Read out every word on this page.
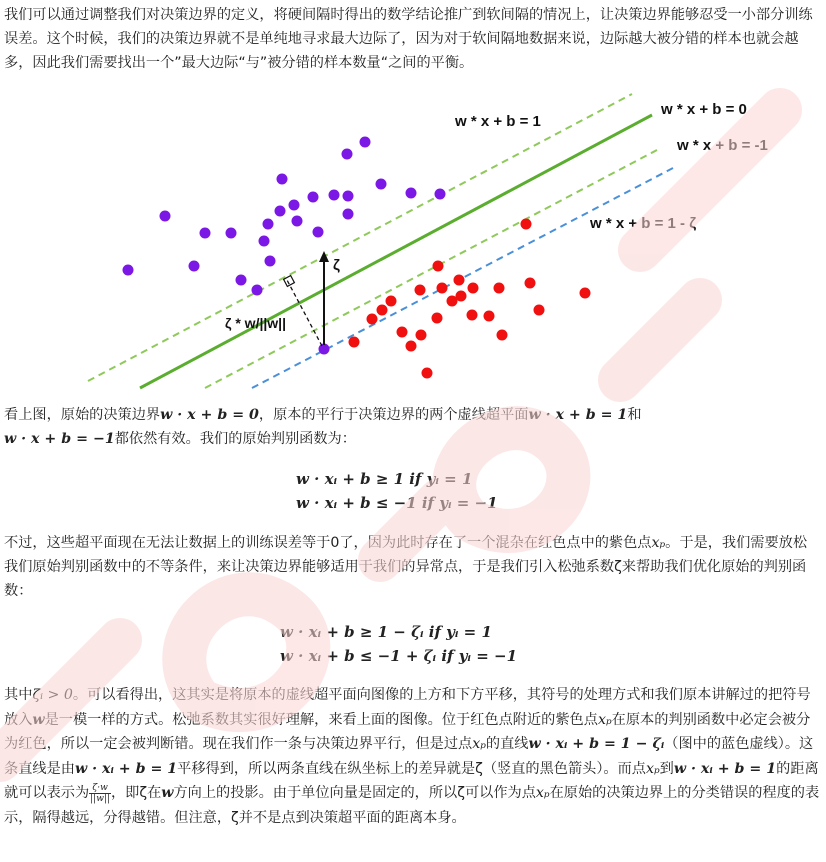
我们可以通过调整我们对决策边界的定义，将硬间隔时得出的数学结论推广到软间隔的情况上，让决策边界能够忍受一小部分训练误差。这个时候，我们的决策边界就不是单纯地寻求最大边际了，因为对于软间隔地数据来说，边际越大被分错的样本也就会越多，因此我们需要找出一个”最大边际“与”被分错的样本数量“之间的平衡。
w * x + b = 1
w * x + b = 0
w * x + b = -1
w * x + b = 1 - ζ
ζ
ζ * w/||w||
看上图，原始的决策边界w · x + b = 0，原本的平行于决策边界的两个虚线超平面w · x + b = 1和
w · x + b = −1都依然有效。我们的原始判别函数为：
w · xᵢ + b ≥ 1 if yᵢ = 1
w · xᵢ + b ≤ −1 if yᵢ = −1
不过，这些超平面现在无法让数据上的训练误差等于0了，因为此时存在了一个混杂在红色点中的紫色点xₚ。于是，我们需要放松我们原始判别函数中的不等条件，来让决策边界能够适用于我们的异常点，于是我们引入松弛系数ζ来帮助我们优化原始的判别函数：
w · xᵢ + b ≥ 1 − ζᵢ if yᵢ = 1
w · xᵢ + b ≤ −1 + ζᵢ if yᵢ = −1
其中ζᵢ > 0。可以看得出，这其实是将原本的虚线超平面向图像的上方和下方平移，其符号的处理方式和我们原本讲解过的把符号放入w是一模一样的方式。松弛系数其实很好理解，来看上面的图像。位于红色点附近的紫色点xₚ在原本的判别函数中必定会被分为红色，所以一定会被判断错。现在我们作一条与决策边界平行，但是过点xₚ的直线w · xᵢ + b = 1 − ζᵢ（图中的蓝色虚线）。这条直线是由w · xᵢ + b = 1平移得到，所以两条直线在纵坐标上的差异就是ζ（竖直的黑色箭头）。而点xₚ到w · xᵢ + b = 1的距离就可以表示为 $\frac{\zeta\cdot w}{||w||}$ ，即ζ在w方向上的投影。由于单位向量是固定的，所以ζ可以作为点xₚ在原始的决策边界上的分类错误的程度的表示，隔得越远，分得越错。但注意，ζ并不是点到决策超平面的距离本身。
